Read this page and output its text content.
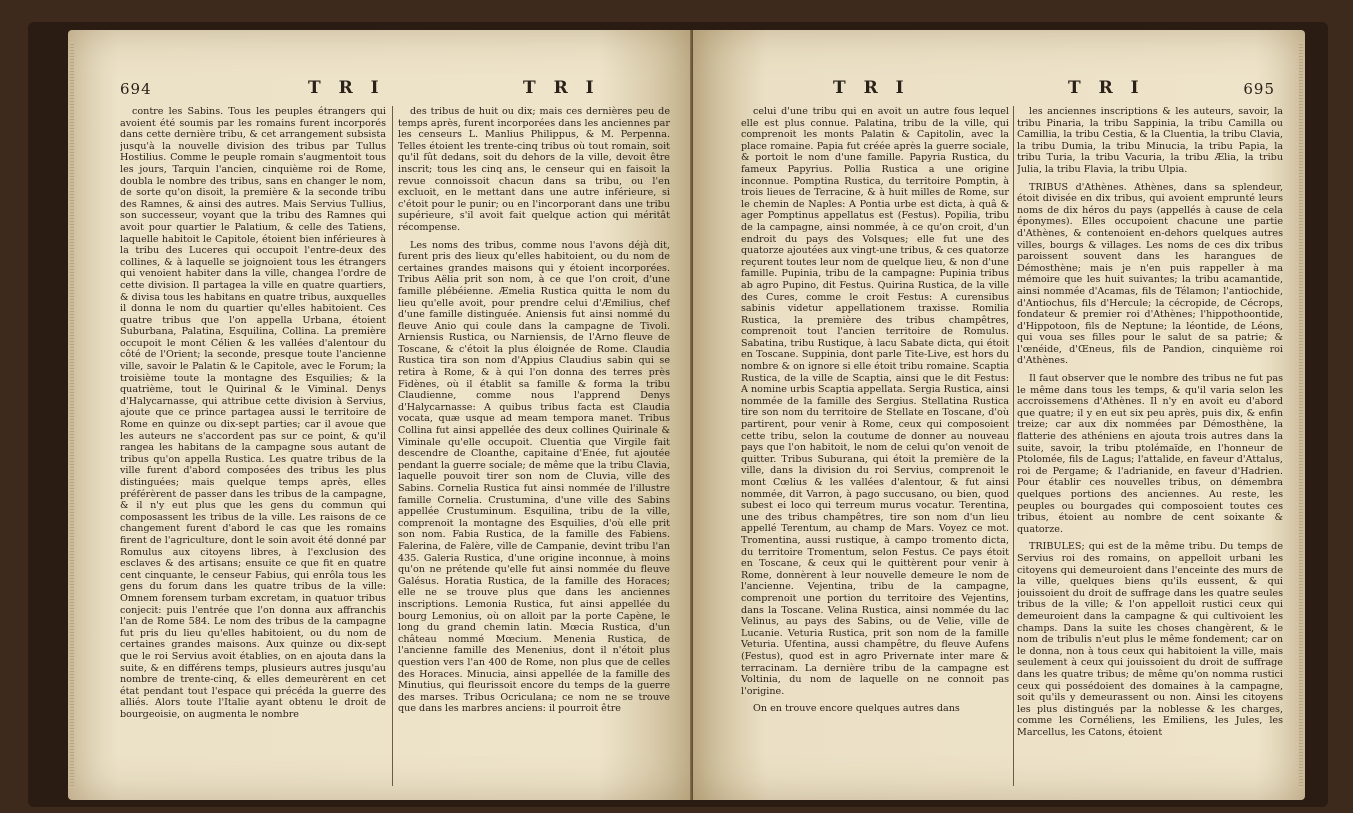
694	T R I	T R I

contre les Sabins. Tous les peuples étrangers qui avoient été soumis par les romains furent incorporés dans cette dernière tribu, & cet arrangement subsista jusqu'à la nouvelle division des tribus par Tullus Hostilius. Comme le peuple romain s'augmentoit tous les jours, Tarquin l'ancien, cinquième roi de Rome, doubla le nombre des tribus, sans en changer le nom, de sorte qu'on disoit, la première & la seconde tribu des Ramnes, & ainsi des autres. Mais Servius Tullius, son successeur, voyant que la tribu des Ramnes qui avoit pour quartier le Palatium, & celle des Tatiens, laquelle habitoit le Capitole, étoient bien inférieures à la tribu des Luceres qui occupoit l'entre-deux des collines, & à laquelle se joignoient tous les étrangers qui venoient habiter dans la ville, changea l'ordre de cette division. Il partagea la ville en quatre quartiers, & divisa tous les habitans en quatre tribus, auxquelles il donna le nom du quartier qu'elles habitoient. Ces quatre tribus que l'on appella Urbana, étoient Suburbana, Palatina, Esquilina, Collina. La première occupoit le mont Célien & les vallées d'alentour du côté de l'Orient; la seconde, presque toute l'ancienne ville, savoir le Palatin & le Capitole, avec le Forum; la troisième toute la montagne des Esquilies; & la quatrième, tout le Quirinal & le Viminal. Denys d'Halycarnasse, qui attribue cette division à Servius, ajoute que ce prince partagea aussi le territoire de Rome en quinze ou dix-sept parties; car il avoue que les auteurs ne s'accordent pas sur ce point, & qu'il rangea les habitans de la campagne sous autant de tribus qu'on appella Rustica. Les quatre tribus de la ville furent d'abord composées des tribus les plus distinguées; mais quelque temps après, elles préférèrent de passer dans les tribus de la campagne, & il n'y eut plus que les gens du commun qui composassent les tribus de la ville. Les raisons de ce changement furent d'abord le cas que les romains firent de l'agriculture, dont le soin avoit été donné par Romulus aux citoyens libres, à l'exclusion des esclaves & des artisans; ensuite ce que fit en quatre cent cinquante, le censeur Fabius, qui enrôla tous les gens du forum dans les quatre tribus de la ville: Omnem forensem turbam excretam, in quatuor tribus conjecit: puis l'entrée que l'on donna aux affranchis l'an de Rome 584. Le nom des tribus de la campagne fut pris du lieu qu'elles habitoient, ou du nom de certaines grandes maisons. Aux quinze ou dix-sept que le roi Servius avoit établies, on en ajouta dans la suite, & en différens temps, plusieurs autres jusqu'au nombre de trente-cinq, & elles demeurèrent en cet état pendant tout l'espace qui précéda la guerre des alliés. Alors toute l'Italie ayant obtenu le droit de bourgeoisie, on augmenta le nombre

des tribus de huit ou dix; mais ces dernières peu de temps après, furent incorporées dans les anciennes par les censeurs L. Manlius Philippus, & M. Perpenna. Telles étoient les trente-cinq tribus où tout romain, soit qu'il fût dedans, soit du dehors de la ville, devoit être inscrit; tous les cinq ans, le censeur qui en faisoit la revue connoissoit chacun dans sa tribu, ou l'en excluoit, en le mettant dans une autre inférieure, si c'étoit pour le punir; ou en l'incorporant dans une tribu supérieure, s'il avoit fait quelque action qui méritât récompense.

Les noms des tribus, comme nous l'avons déjà dit, furent pris des lieux qu'elles habitoient, ou du nom de certaines grandes maisons qui y étoient incorporées. Tribus Aëlia prit son nom, à ce que l'on croit, d'une famille plébéienne. Æmelia Rustica quitta le nom du lieu qu'elle avoit, pour prendre celui d'Æmilius, chef d'une famille distinguée. Aniensis fut ainsi nommé du fleuve Anio qui coule dans la campagne de Tivoli. Arniensis Rustica, ou Narniensis, de l'Arno fleuve de Toscane, & c'étoit la plus éloignée de Rome. Claudia Rustica tira son nom d'Appius Claudius sabin qui se retira à Rome, & à qui l'on donna des terres près Fidènes, où il établit sa famille & forma la tribu Claudienne, comme nous l'apprend Denys d'Halycarnasse: A quibus tribus facta est Claudia vocata, quæ usque ad meam tempora manet. Tribus Collina fut ainsi appellée des deux collines Quirinale & Viminale qu'elle occupoit. Cluentia que Virgile fait descendre de Cloanthe, capitaine d'Enée, fut ajoutée pendant la guerre sociale; de même que la tribu Clavia, laquelle pouvoit tirer son nom de Cluvia, ville des Sabins. Cornelia Rustica fut ainsi nommée de l'illustre famille Cornelia. Crustumina, d'une ville des Sabins appellée Crustuminum. Esquilina, tribu de la ville, comprenoit la montagne des Esquilies, d'où elle prit son nom. Fabia Rustica, de la famille des Fabiens. Falerina, de Falère, ville de Campanie, devint tribu l'an 435. Galeria Rustica, d'une origine inconnue, à moins qu'on ne prétende qu'elle fut ainsi nommée du fleuve Galésus. Horatia Rustica, de la famille des Horaces; elle ne se trouve plus que dans les anciennes inscriptions. Lemonia Rustica, fut ainsi appellée du bourg Lemonius, où on alloit par la porte Capène, le long du grand chemin latin. Mœcia Rustica, d'un château nommé Mœcium. Menenia Rustica, de l'ancienne famille des Menenius, dont il n'étoit plus question vers l'an 400 de Rome, non plus que de celles des Horaces. Minucia, ainsi appellée de la famille des Minutius, qui fleurissoit encore du temps de la guerre des marses. Tribus Ocriculana; ce nom ne se trouve que dans les marbres anciens: il pourroit être

T R I	T R I	695

celui d'une tribu qui en avoit un autre fous lequel elle est plus connue. Palatina, tribu de la ville, qui comprenoit les monts Palatin & Capitolin, avec la place romaine. Papia fut créée après la guerre sociale, & portoit le nom d'une famille. Papyria Rustica, du fameux Papyrius. Pollia Rustica a une origine inconnue. Pomptina Rustica, du territoire Pomptin, à trois lieues de Terracine, & à huit milles de Rome, sur le chemin de Naples: A Pontia urbe est dicta, à quâ & ager Pomptinus appellatus est (Festus). Popilia, tribu de la campagne, ainsi nommée, à ce qu'on croit, d'un endroit du pays des Volsques; elle fut une des quatorze ajoutées aux vingt-une tribus, & ces quatorze reçurent toutes leur nom de quelque lieu, & non d'une famille. Pupinia, tribu de la campagne: Pupinia tribus ab agro Pupino, dit Festus. Quirina Rustica, de la ville des Cures, comme le croit Festus: A curensibus sabinis videtur appellationem traxisse. Romilia Rustica, la première des tribus champêtres, comprenoit tout l'ancien territoire de Romulus. Sabatina, tribu Rustique, à lacu Sabate dicta, qui étoit en Toscane. Suppinia, dont parle Tite-Live, est hors du nombre & on ignore si elle étoit tribu romaine. Scaptia Rustica, de la ville de Scaptia, ainsi que le dit Festus: A nomine urbis Scaptia appellata. Sergia Rustica, ainsi nommée de la famille des Sergius. Stellatina Rustica tire son nom du territoire de Stellate en Toscane, d'où partirent, pour venir à Rome, ceux qui composoient cette tribu, selon la coutume de donner au nouveau pays que l'on habitoit, le nom de celui qu'on venoit de quitter. Tribus Suburana, qui étoit la première de la ville, dans la division du roi Servius, comprenoit le mont Cœlius & les vallées d'alentour, & fut ainsi nommée, dit Varron, à pago succusano, ou bien, quod subest ei loco qui terreum murus vocatur. Terentina, une des tribus champêtres, tire son nom d'un lieu appellé Terentum, au champ de Mars. Voyez ce mot. Tromentina, aussi rustique, à campo tromento dicta, du territoire Tromentum, selon Festus. Ce pays étoit en Toscane, & ceux qui le quittèrent pour venir à Rome, donnèrent à leur nouvelle demeure le nom de l'ancienne. Vejentina, tribu de la campagne, comprenoit une portion du territoire des Vejentins, dans la Toscane. Velina Rustica, ainsi nommée du lac Velinus, au pays des Sabins, ou de Velie, ville de Lucanie. Veturia Rustica, prit son nom de la famille Veturia. Ufentina, aussi champêtre, du fleuve Aufens (Festus), quod est in agro Privernate inter mare & terracinam. La dernière tribu de la campagne est Voltinia, du nom de laquelle on ne connoit pas l'origine.

On en trouve encore quelques autres dans

les anciennes inscriptions & les auteurs, savoir, la tribu Pinaria, la tribu Sappinia, la tribu Camilla ou Camillia, la tribu Cestia, & la Cluentia, la tribu Clavia, la tribu Dumia, la tribu Minucia, la tribu Papia, la tribu Turia, la tribu Vacuria, la tribu Ælia, la tribu Julia, la tribu Flavia, la tribu Ulpia.

TRIBUS d'Athènes. Athènes, dans sa splendeur, étoit divisée en dix tribus, qui avoient emprunté leurs noms de dix héros du pays (appellés à cause de cela éponymes). Elles occupoient chacune une partie d'Athènes, & contenoient en-dehors quelques autres villes, bourgs & villages. Les noms de ces dix tribus paroissent souvent dans les harangues de Démosthène; mais je n'en puis rappeller à ma mémoire que les huit suivantes; la tribu acamantide, ainsi nommée d'Acamas, fils de Télamon; l'antiochide, d'Antiochus, fils d'Hercule; la cécropide, de Cécrops, fondateur & premier roi d'Athènes; l'hippothoontide, d'Hippotoon, fils de Neptune; la léontide, de Léons, qui voua ses filles pour le salut de sa patrie; & l'œnéide, d'Œneus, fils de Pandion, cinquième roi d'Athènes.

Il faut observer que le nombre des tribus ne fut pas le même dans tous les temps, & qu'il varia selon les accroissemens d'Athènes. Il n'y en avoit eu d'abord que quatre; il y en eut six peu après, puis dix, & enfin treize; car aux dix nommées par Démosthène, la flatterie des athéniens en ajouta trois autres dans la suite, savoir, la tribu ptolémaïde, en l'honneur de Ptolomée, fils de Lagus; l'attalide, en faveur d'Attalus, roi de Pergame; & l'adrianide, en faveur d'Hadrien. Pour établir ces nouvelles tribus, on démembra quelques portions des anciennes. Au reste, les peuples ou bourgades qui composoient toutes ces tribus, étoient au nombre de cent soixante & quatorze.

TRIBULES; qui est de la même tribu. Du temps de Servius roi des romains, on appelloit urbani les citoyens qui demeuroient dans l'enceinte des murs de la ville, quelques biens qu'ils eussent, & qui jouissoient du droit de suffrage dans les quatre seules tribus de la ville; & l'on appelloit rustici ceux qui demeuroient dans la campagne & qui cultivoient les champs. Dans la suite les choses changèrent, & le nom de tribulis n'eut plus le même fondement; car on le donna, non à tous ceux qui habitoient la ville, mais seulement à ceux qui jouissoient du droit de suffrage dans les quatre tribus; de même qu'on nomma rustici ceux qui possédoient des domaines à la campagne, soit qu'ils y demeurassent ou non. Ainsi les citoyens les plus distingués par la noblesse & les charges, comme les Cornéliens, les Emiliens, les Jules, les Marcellus, les Catons, étoient
